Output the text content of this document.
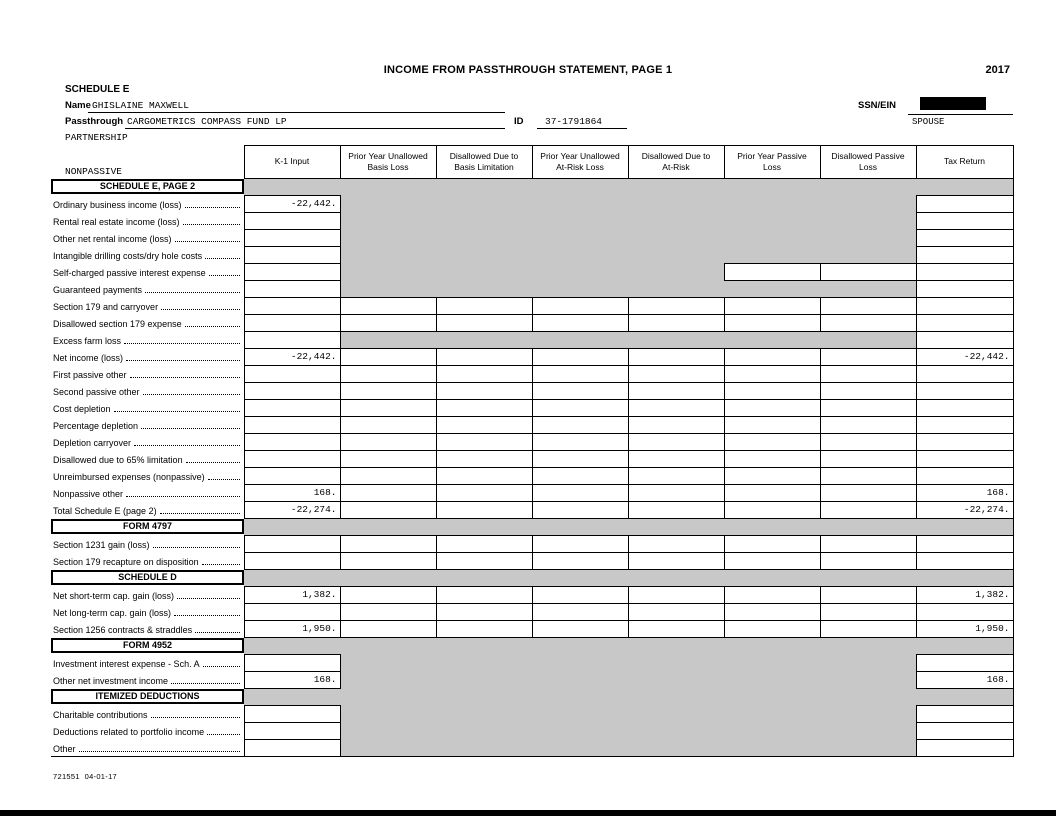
INCOME FROM PASSTHROUGH STATEMENT, PAGE 1	2017
SCHEDULE E
Name GHISLAINE MAXWELL	SSN/EIN
Passthrough CARGOMETRICS COMPASS FUND LP	ID 37-1791864	SPOUSE
PARTNERSHIP
NONPASSIVE	
K-1 Input

Prior Year Unallowed
Basis Loss

Disallowed Due to
Basis Limitation

Prior Year Unallowed
At-Risk Loss

Disallowed Due to
At-Risk

Prior Year Passive
Loss

Disallowed Passive
Loss

Tax Return

SCHEDULE E, PAGE 2								

Ordinary business income (loss)	-22,442.							

Rental real estate income (loss)								

Other net rental income (loss)								

Intangible drilling costs/dry hole costs								

Self-charged passive interest expense								

Guaranteed payments								

Section 179 and carryover								

Disallowed section 179 expense								

Excess farm loss								

Net income (loss)	-22,442.							-22,442.

First passive other								

Second passive other								

Cost depletion								

Percentage depletion								

Depletion carryover								

Disallowed due to 65% limitation								

Unreimbursed expenses (nonpassive)								

Nonpassive other	168.							168.

Total Schedule E (page 2)	-22,274.							-22,274.

FORM 4797								

Section 1231 gain (loss)								

Section 179 recapture on disposition								

SCHEDULE D								

Net short-term cap. gain (loss)	1,382.							1,382.

Net long-term cap. gain (loss)								

Section 1256 contracts & straddles	1,950.							1,950.

FORM 4952								

Investment interest expense - Sch. A								

Other net investment income	168.							168.

ITEMIZED DEDUCTIONS								

Charitable contributions								

Deductions related to portfolio income								

Other								

721551  04-01-17
